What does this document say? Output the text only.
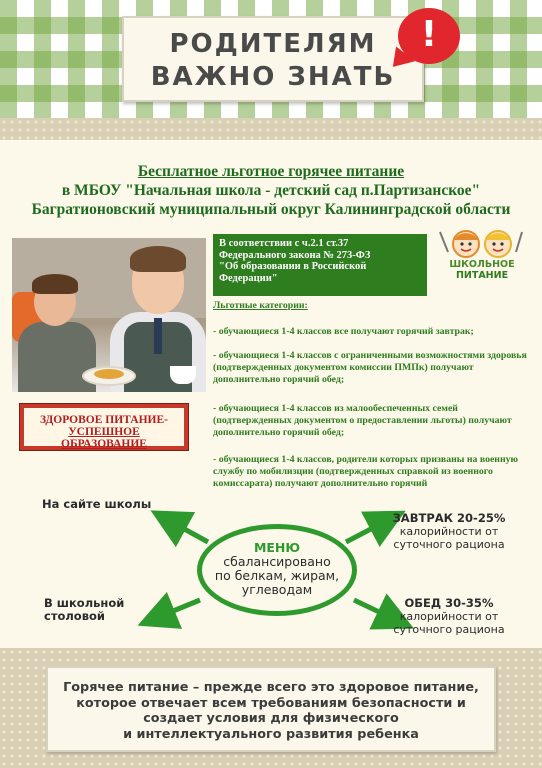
РОДИТЕЛЯМ
ВАЖНО ЗНАТЬ
!
Бесплатное льготное горячее питание
в МБОУ "Начальная школа - детский сад п.Партизанское"
Багратионовский муниципальный округ Калининградской области
В соответствии с ч.2.1 ст.37
Федерального закона № 273-ФЗ
"Об образовании в Российской
Федерации"
ШКОЛЬНОЕ
ПИТАНИЕ
Льготные категории:
- обучающиеся 1-4 классов все получают горячий завтрак;
- обучающиеся 1-4 классов с ограниченными возможностями здоровья (подтвержденных документом комиссии ПМПк) получают дополнительно горячий обед;
- обучающиеся 1-4 классов из малообеспеченных семей (подтвержденных документом о предоставлении льготы) получают дополнительно горячий обед;
- обучающиеся 1-4 классов, родители которых призваны на военную службу по мобилизции (подтвержденных справкой из военного комиссарата) получают дополнительно горячий
ЗДОРОВОЕ ПИТАНИЕ-
УСПЕШНОЕ ОБРАЗОВАНИЕ
На сайте школы
ЗАВТРАК 20-25%
калорийности от
суточного рациона
МЕНЮ
сбалансировано
по белкам, жирам,
углеводам
В школьной
столовой
ОБЕД 30-35%
калорийности от
суточного рациона
Горячее питание – прежде всего это здоровое питание,
которое отвечает всем требованиям безопасности и
создает условия для физического
и интеллектуального развития ребенка
